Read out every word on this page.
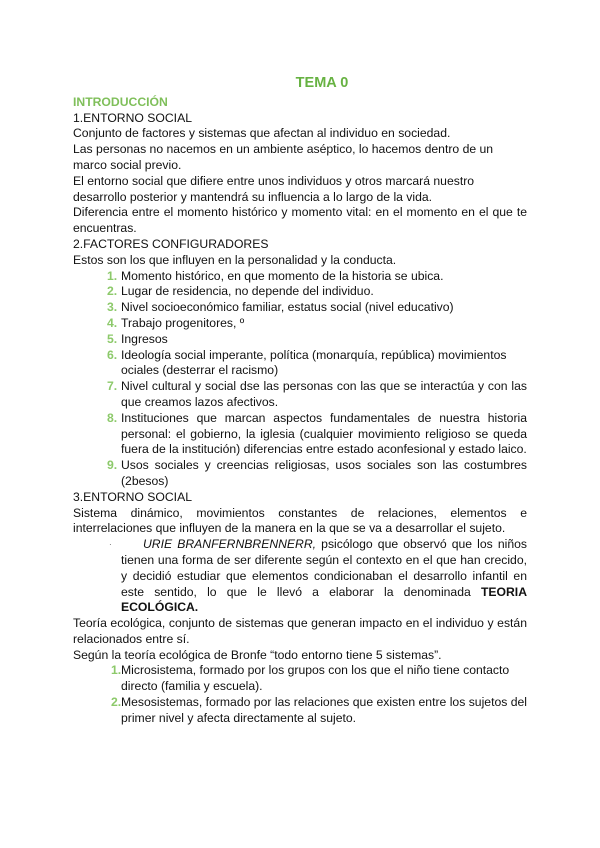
TEMA 0
INTRODUCCIÓN

1.ENTORNO SOCIAL

Conjunto de factores y sistemas que afectan al individuo en sociedad.

Las personas no nacemos en un ambiente aséptico, lo hacemos dentro de un marco social previo.

El entorno social que difiere entre unos individuos y otros marcará nuestro desarrollo posterior y mantendrá su influencia a lo largo de la vida.

Diferencia entre el momento histórico y momento vital: en el momento en el que te encuentras.

2.FACTORES CONFIGURADORES

Estos son los que influyen en la personalidad y la conducta.

1. Momento histórico, en que momento de la historia se ubica.
2. Lugar de residencia, no depende del individuo.
3. Nivel socioeconómico familiar, estatus social (nivel educativo)
4. Trabajo progenitores, º
5. Ingresos
6. Ideología social imperante, política (monarquía, república) movimientos ociales (desterrar el racismo)
7. Nivel cultural y social dse las personas con las que se interactúa y con las que creamos lazos afectivos.
8. Instituciones que marcan aspectos fundamentales de nuestra historia personal: el gobierno, la iglesia (cualquier movimiento religioso se queda fuera de la institución) diferencias entre estado aconfesional y estado laico.
9. Usos sociales y creencias religiosas, usos sociales son las costumbres (2besos)

3.ENTORNO SOCIAL

Sistema dinámico, movimientos constantes de relaciones, elementos e interrelaciones que influyen de la manera en la que se va a desarrollar el sujeto.

·	URIE BRANFERNBRENNERR, psicólogo que observó que los niños tienen una forma de ser diferente según el contexto en el que han crecido, y decidió estudiar que elementos condicionaban el desarrollo infantil en este sentido, lo que le llevó a elaborar la denominada TEORIA ECOLÓGICA.

Teoría ecológica, conjunto de sistemas que generan impacto en el individuo y están relacionados entre sí.

Según la teoría ecológica de Bronfe “todo entorno tiene 5 sistemas”.

1. Microsistema, formado por los grupos con los que el niño tiene contacto directo (familia y escuela).
2. Mesosistemas, formado por las relaciones que existen entre los sujetos del primer nivel y afecta directamente al sujeto.
